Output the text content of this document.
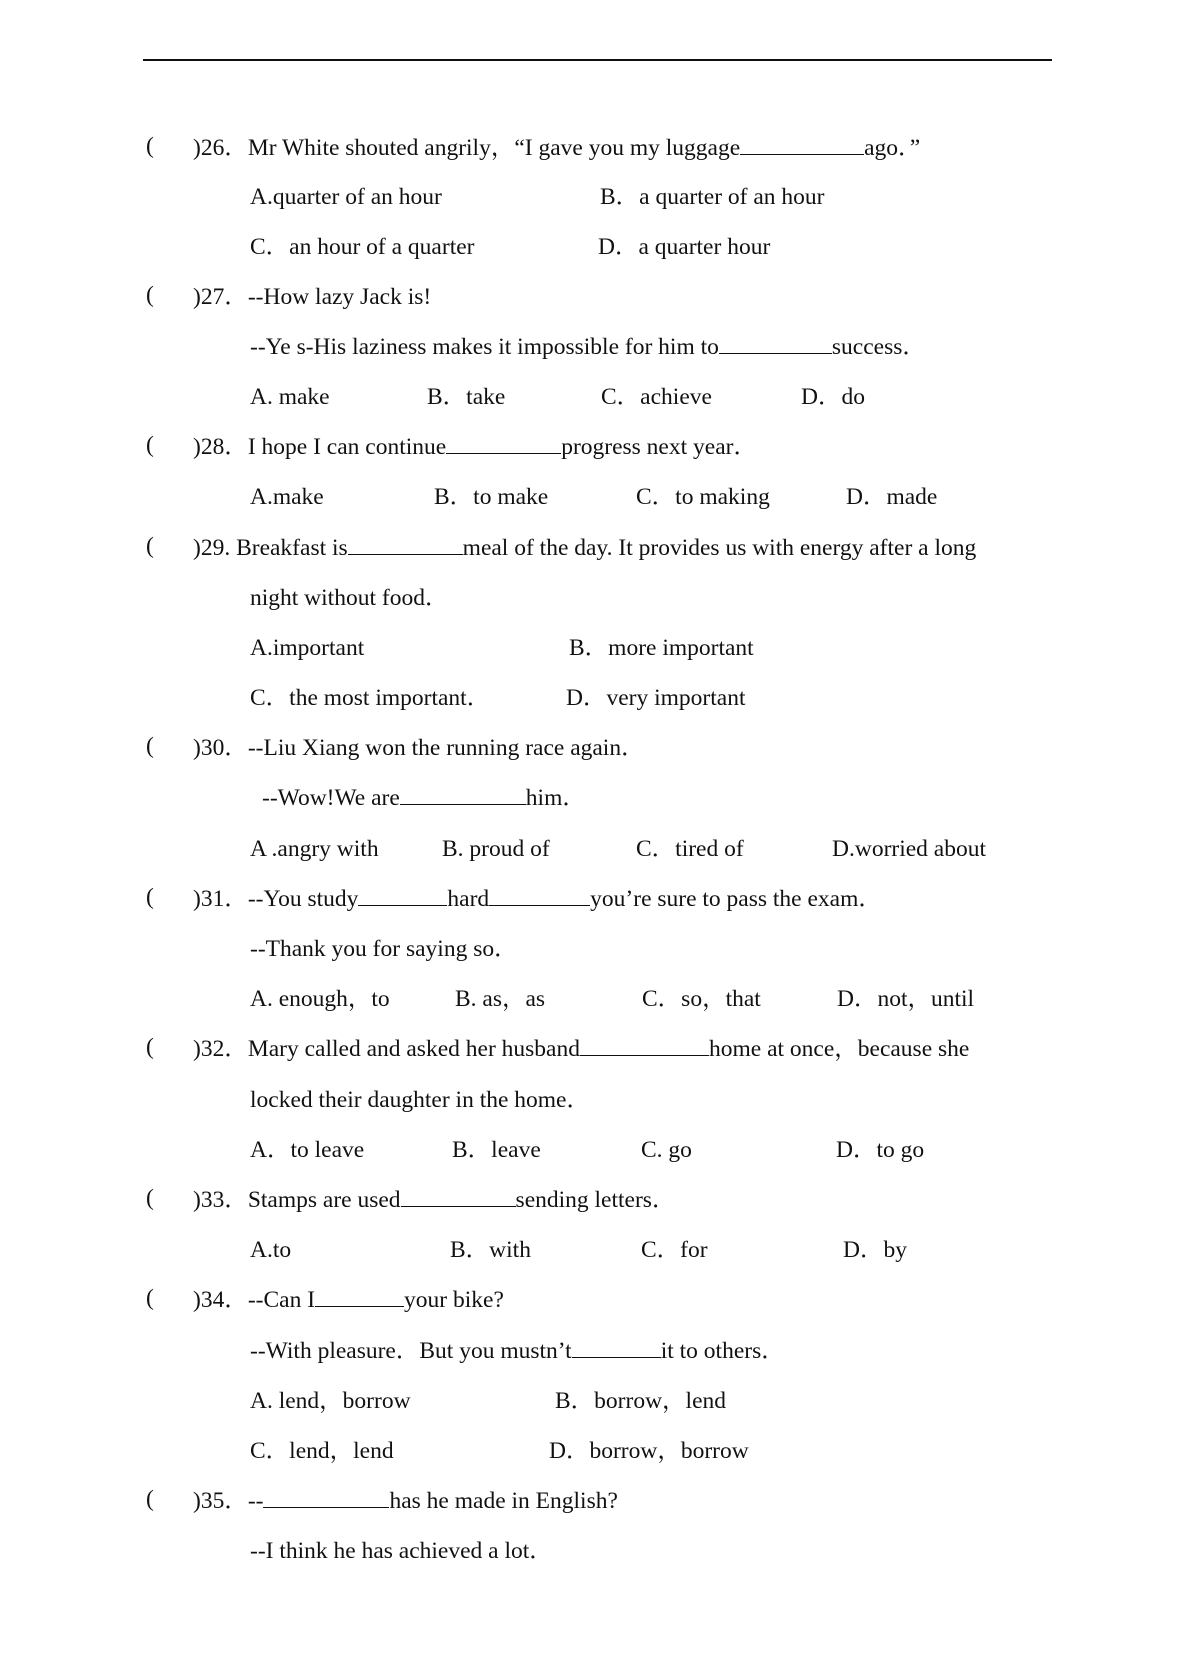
( )26．Mr White shouted angrily，“I gave you my luggage	ago．”
A.quarter of an hour	B．a quarter of an hour
C．an hour of a quarter	D．a quarter hour
( )27．--How lazy Jack is!
--Ye s-His laziness makes it impossible for him to	success．
A. make	B．take	C．achieve	D．do
( )28．I hope I can continue	progress next year．
A.make	B．to make	C．to making	D．made
( )29. Breakfast is	meal of the day. It provides us with energy after a long
night without food．
A.important	B．more important
C．the most important．	D．very important
( )30．--Liu Xiang won the running race again．
--Wow!We are	him．
A .angry with	B. proud of	C．tired of	D.worried about
( )31．--You study	hard	you’re sure to pass the exam．
--Thank you for saying so．
A. enough，to	B. as，as	C．so，that	D．not，until
( )32．Mary called and asked her husband	home at once，because she
locked their daughter in the home．
A．to leave	B．leave	C. go	D．to go
( )33．Stamps are used	sending letters．
A.to	B．with	C．for	D．by
( )34．--Can I	your bike?
--With pleasure．But you mustn’t	it to others．
A. lend，borrow	B．borrow，lend
C．lend，lend	D．borrow，borrow
( )35．--	has he made in English?
--I think he has achieved a lot．
